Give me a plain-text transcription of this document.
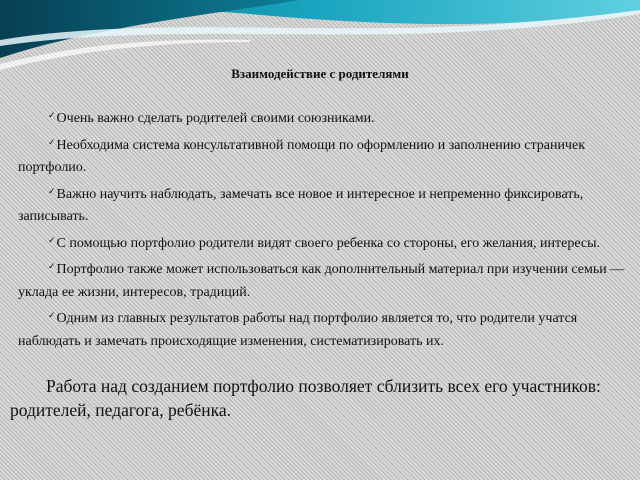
Взаимодействие с родителями

✓Очень важно сделать родителей своими союзниками.

✓Необходима система консультативной помощи по оформлению и заполнению страничек портфолио.

✓Важно научить наблюдать, замечать все новое и интересное и непременно фиксировать, записывать.

✓С помощью портфолио родители видят своего ребенка со стороны, его желания, интересы.

✓Портфолио также может использоваться как дополнительный материал при изучении семьи — уклада ее жизни, интересов, традиций.

✓Одним из главных результатов работы над портфолио является то, что родители учатся наблюдать и замечать происходящие изменения, систематизировать их.

Работа над созданием портфолио позволяет сблизить всех его участников: родителей, педагога, ребёнка.
